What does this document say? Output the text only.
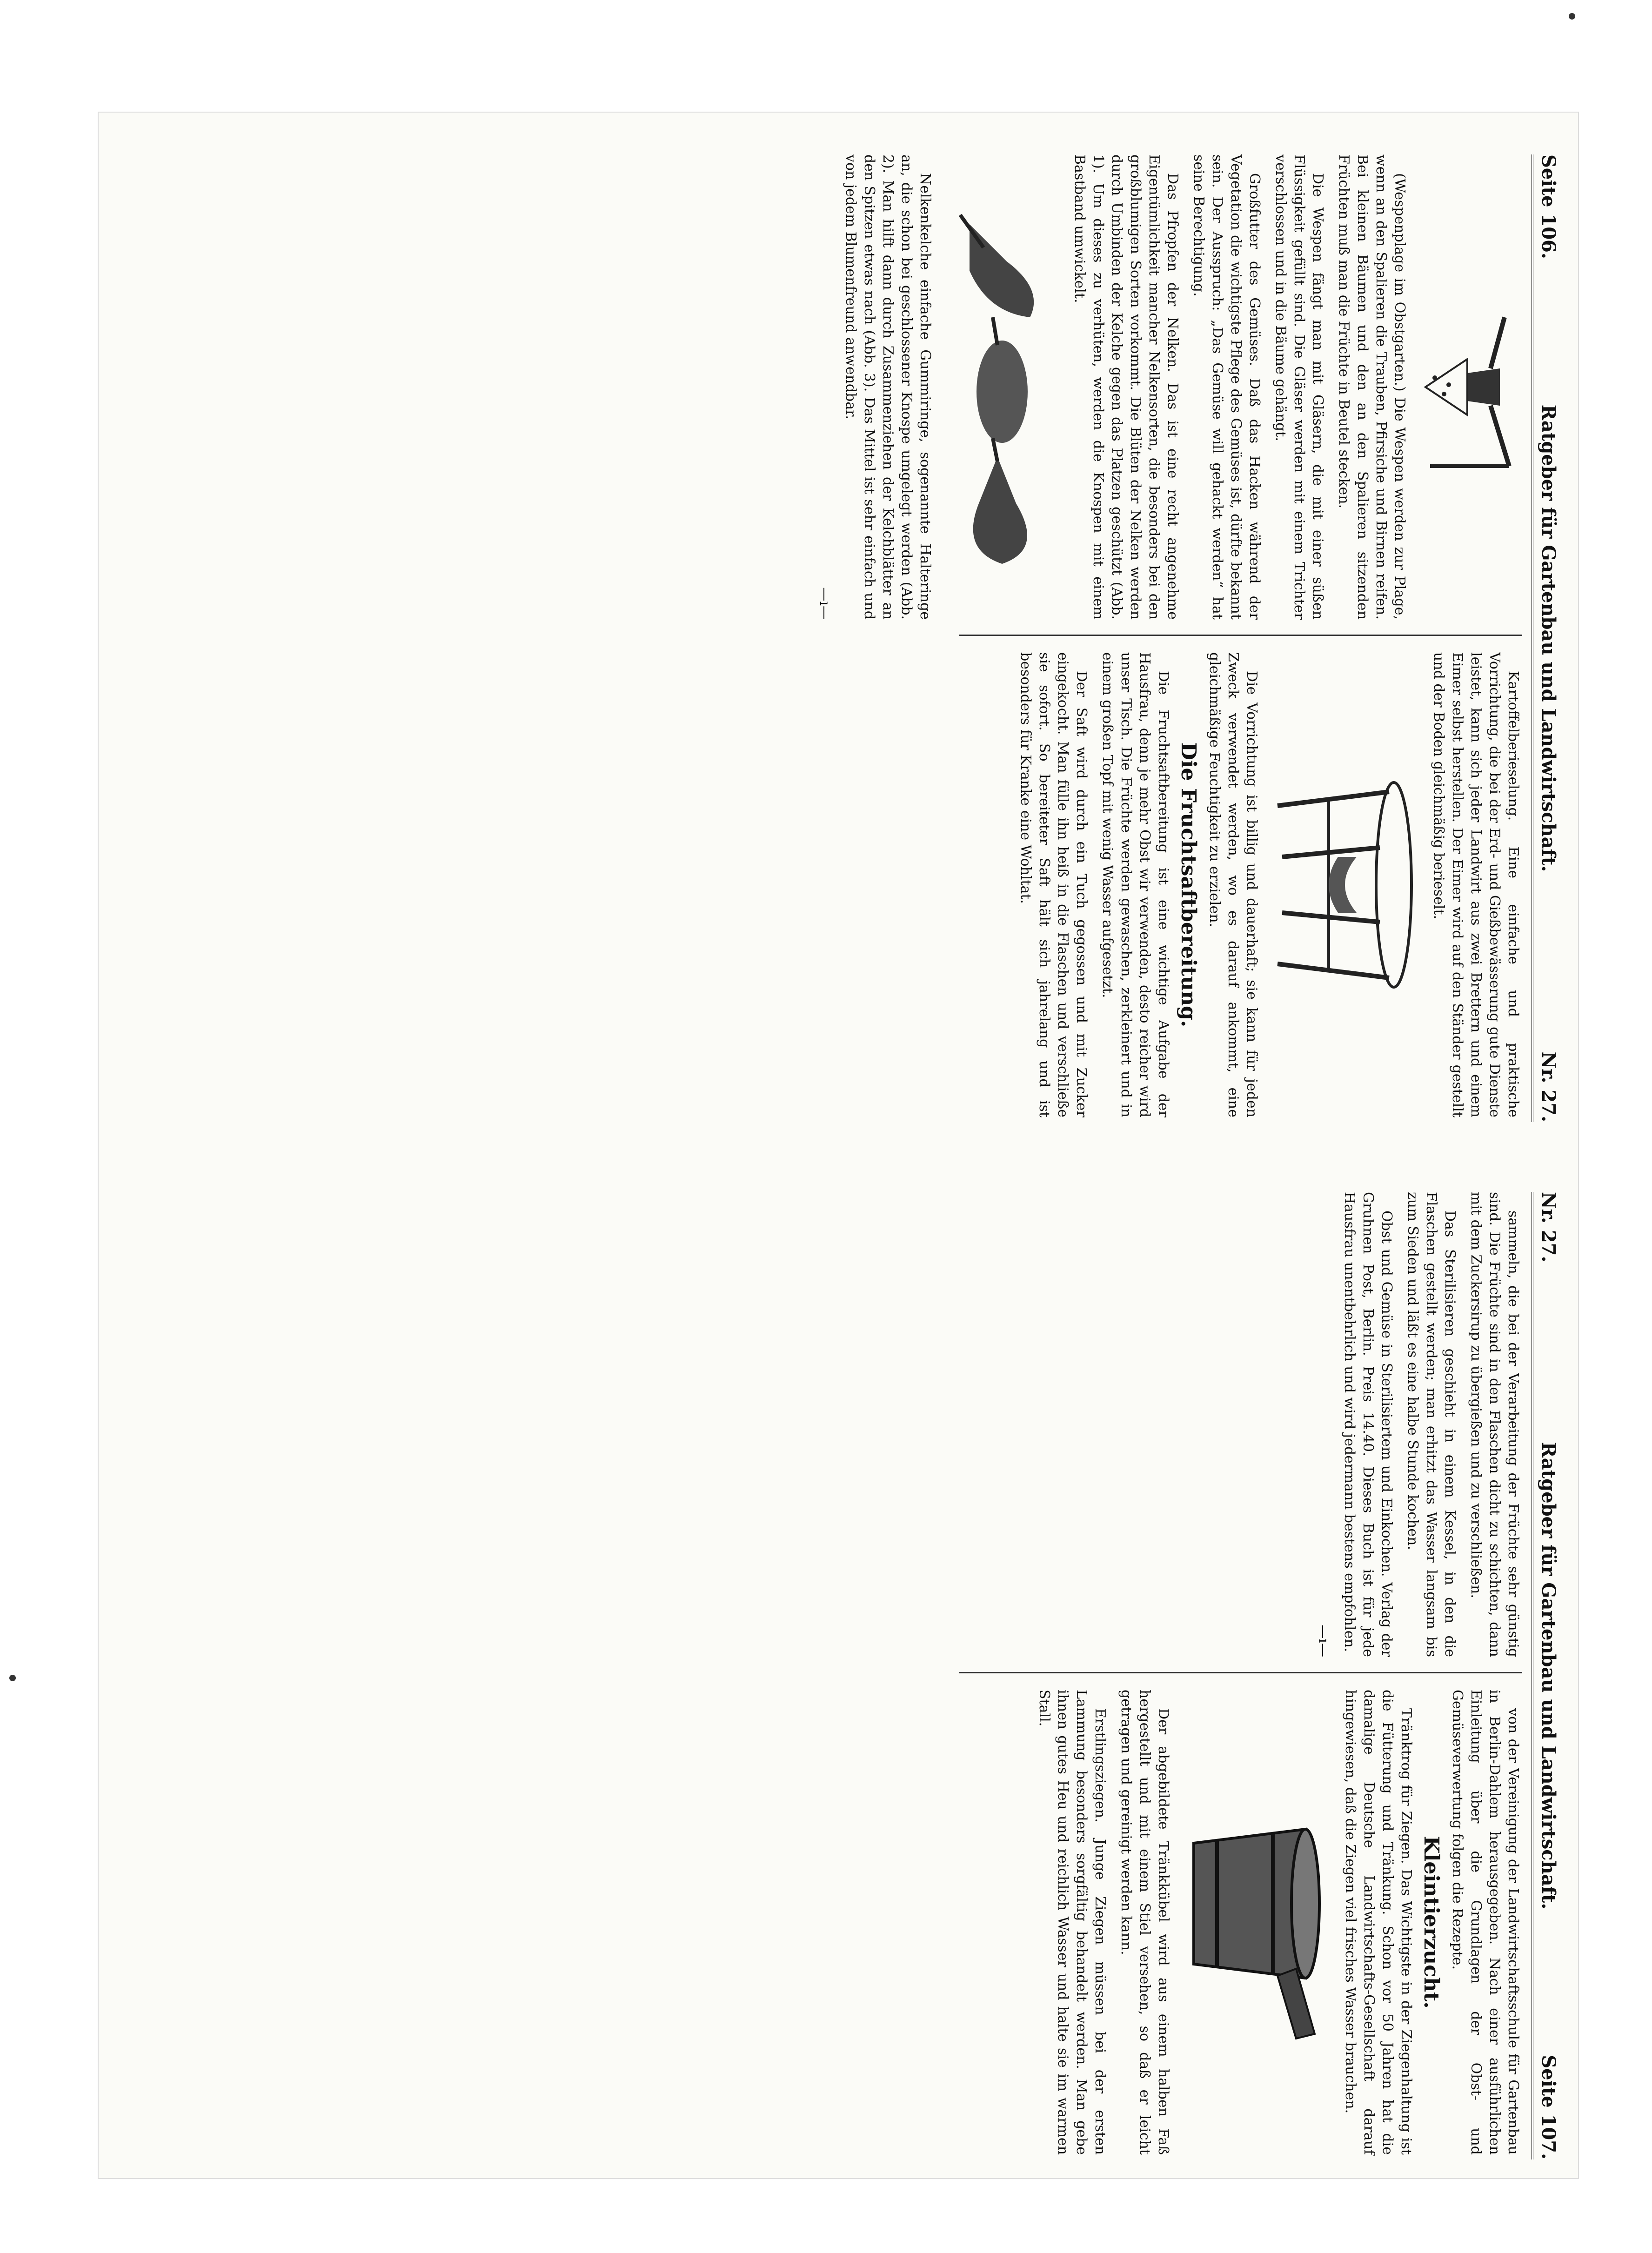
Seite 106.
Ratgeber für Gartenbau und Landwirtschaft.
Nr. 27.

(Wespenplage im Obstgarten.) Die Wespen werden zur Plage, wenn an den Spalieren die Trauben, Pfirsiche und Birnen reifen. Bei kleinen Bäumen und den an den Spalieren sitzenden Früchten muß man die Früchte in Beutel stecken.

Die Wespen fängt man mit Gläsern, die mit einer süßen Flüssigkeit gefüllt sind. Die Gläser werden mit einem Trichter verschlossen und in die Bäume gehängt.

Großfutter des Gemüses. Daß das Hacken während der Vegetation die wichtigste Pflege des Gemüses ist, dürfte bekannt sein. Der Ausspruch: „Das Gemüse will gehackt werden“ hat seine Berechtigung.

Das Pfropfen der Nelken. Das ist eine recht angenehme Eigentümlichkeit mancher Nelkensorten, die besonders bei den großblumigen Sorten vorkommt. Die Blüten der Nelken werden durch Umbinden der Kelche gegen das Platzen geschützt (Abb. 1). Um dieses zu verhüten, werden die Knospen mit einem Bastband umwickelt.

Nelkenkelche einfache Gummiringe, sogenannte Halteringe an, die schon bei geschlossener Knospe umgelegt werden (Abb. 2). Man hilft dann durch Zusammenziehen der Kelchblätter an den Spitzen etwas nach (Abb. 3). Das Mittel ist sehr einfach und von jedem Blumenfreund anwendbar.

—ı—

Kartoffelberieselung. Eine einfache und praktische Vorrichtung, die bei der Erd- und Gießbewässerung gute Dienste leistet, kann sich jeder Landwirt aus zwei Brettern und einem Eimer selbst herstellen. Der Eimer wird auf den Ständer gestellt und der Boden gleichmäßig berieselt.

Die Vorrichtung ist billig und dauerhaft; sie kann für jeden Zweck verwendet werden, wo es darauf ankommt, eine gleichmäßige Feuchtigkeit zu erzielen.

Die Fruchtsaftbereitung.

Die Fruchtsaftbereitung ist eine wichtige Aufgabe der Hausfrau, denn je mehr Obst wir verwenden, desto reicher wird unser Tisch. Die Früchte werden gewaschen, zerkleinert und in einem großen Topf mit wenig Wasser aufgesetzt.

Der Saft wird durch ein Tuch gegossen und mit Zucker eingekocht. Man fülle ihn heiß in die Flaschen und verschließe sie sofort. So bereiteter Saft hält sich jahrelang und ist besonders für Kranke eine Wohltat.

Nr. 27.
Ratgeber für Gartenbau und Landwirtschaft.
Seite 107.

sammeln, die bei der Verarbeitung der Früchte sehr günstig sind. Die Früchte sind in den Flaschen dicht zu schichten, dann mit dem Zuckersirup zu übergießen und zu verschließen.

Das Sterilisieren geschieht in einem Kessel, in den die Flaschen gestellt werden; man erhitzt das Wasser langsam bis zum Sieden und läßt es eine halbe Stunde kochen.

Obst und Gemüse in Sterilisiertem und Einkochen. Verlag der Gruhnen Post, Berlin. Preis 14.40. Dieses Buch ist für jede Hausfrau unentbehrlich und wird jedermann bestens empfohlen.

—ı—

von der Vereinigung der Landwirtschaftsschule für Gartenbau in Berlin-Dahlem herausgegeben. Nach einer ausführlichen Einleitung über die Grundlagen der Obst- und Gemüseverwertung folgen die Rezepte.

Kleintierzucht.

Tränktrog für Ziegen. Das Wichtigste in der Ziegenhaltung ist die Fütterung und Tränkung. Schon vor 50 Jahren hat die damalige Deutsche Landwirtschafts-Gesellschaft darauf hingewiesen, daß die Ziegen viel frisches Wasser brauchen.

Der abgebildete Tränkkübel wird aus einem halben Faß hergestellt und mit einem Stiel versehen, so daß er leicht getragen und gereinigt werden kann.

Erstlingsziegen. Junge Ziegen müssen bei der ersten Lammung besonders sorgfältig behandelt werden. Man gebe ihnen gutes Heu und reichlich Wasser und halte sie im warmen Stall.
